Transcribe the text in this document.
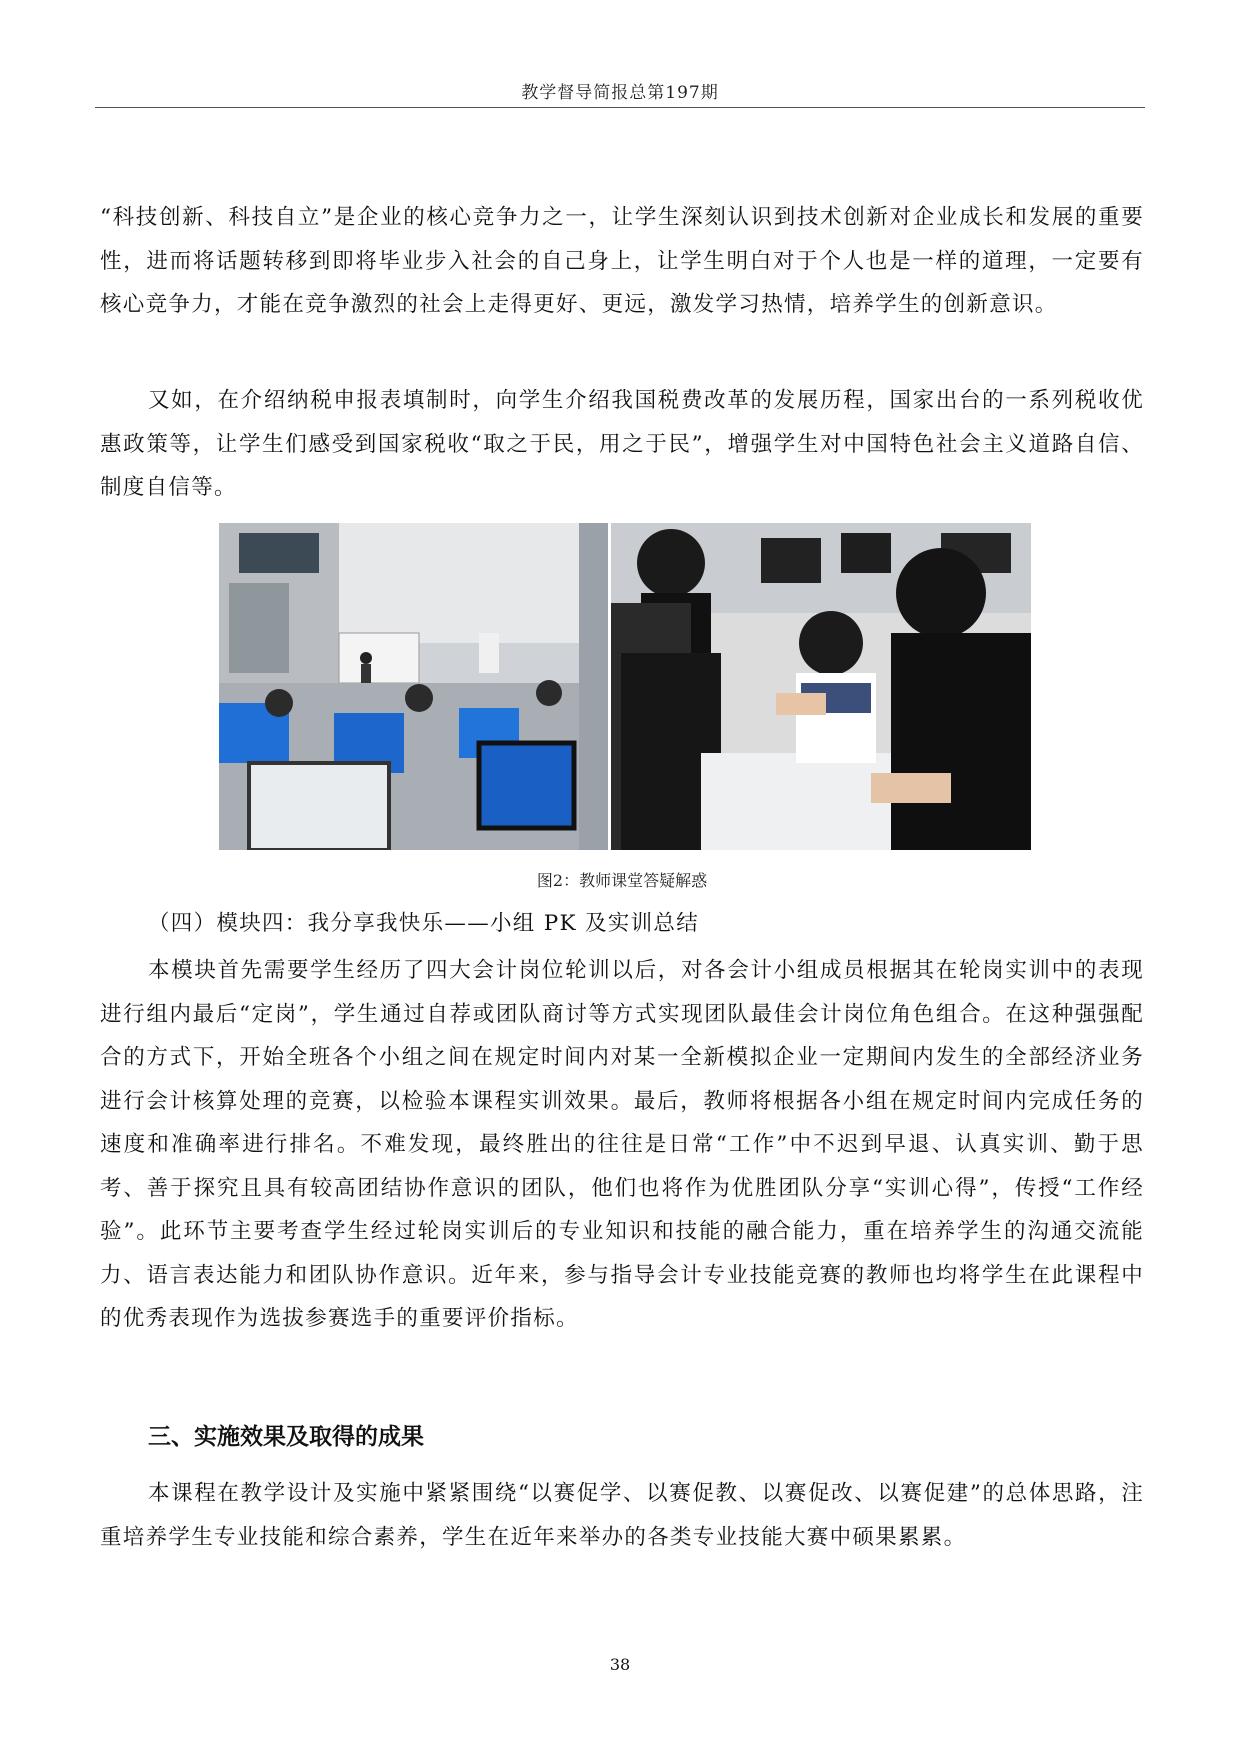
教学督导简报总第197期

“科技创新、科技自立”是企业的核心竞争力之一，让学生深刻认识到技术创新对企业成长和发展的重要性，进而将话题转移到即将毕业步入社会的自己身上，让学生明白对于个人也是一样的道理，一定要有核心竞争力，才能在竞争激烈的社会上走得更好、更远，激发学习热情，培养学生的创新意识。

又如，在介绍纳税申报表填制时，向学生介绍我国税费改革的发展历程，国家出台的一系列税收优惠政策等，让学生们感受到国家税收“取之于民，用之于民”，增强学生对中国特色社会主义道路自信、制度自信等。

图2：教师课堂答疑解惑
（四）模块四：我分享我快乐——小组 PK 及实训总结

本模块首先需要学生经历了四大会计岗位轮训以后，对各会计小组成员根据其在轮岗实训中的表现进行组内最后“定岗”，学生通过自荐或团队商讨等方式实现团队最佳会计岗位角色组合。在这种强强配合的方式下，开始全班各个小组之间在规定时间内对某一全新模拟企业一定期间内发生的全部经济业务进行会计核算处理的竞赛，以检验本课程实训效果。最后，教师将根据各小组在规定时间内完成任务的速度和准确率进行排名。不难发现，最终胜出的往往是日常“工作”中不迟到早退、认真实训、勤于思考、善于探究且具有较高团结协作意识的团队，他们也将作为优胜团队分享“实训心得”，传授“工作经验”。此环节主要考查学生经过轮岗实训后的专业知识和技能的融合能力，重在培养学生的沟通交流能力、语言表达能力和团队协作意识。近年来，参与指导会计专业技能竞赛的教师也均将学生在此课程中的优秀表现作为选拔参赛选手的重要评价指标。

三、实施效果及取得的成果

本课程在教学设计及实施中紧紧围绕“以赛促学、以赛促教、以赛促改、以赛促建”的总体思路，注重培养学生专业技能和综合素养，学生在近年来举办的各类专业技能大赛中硕果累累。

38
